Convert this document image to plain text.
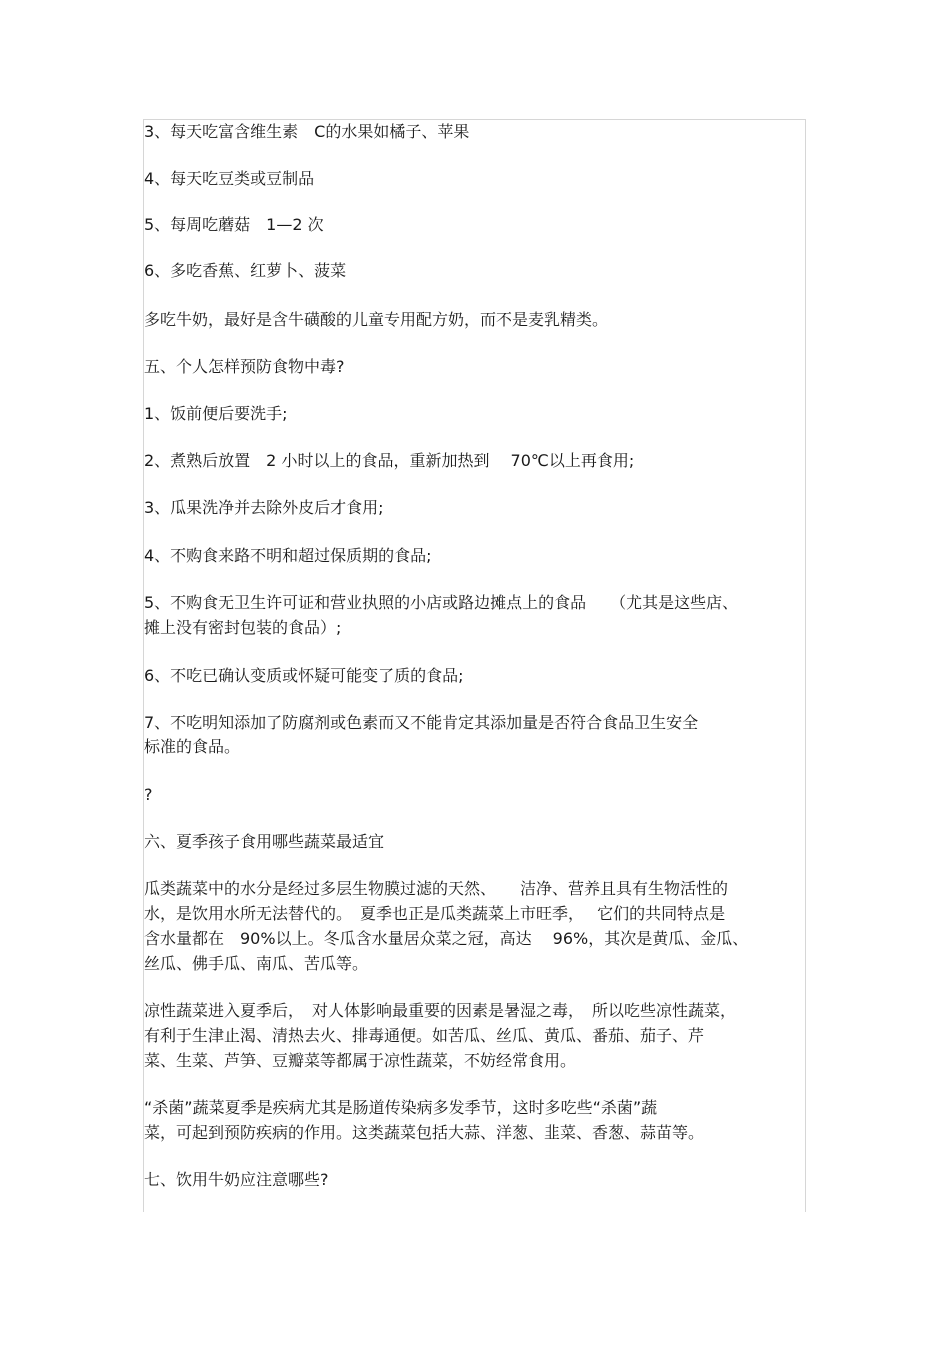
3、每天吃富含维生素　C的水果如橘子、苹果

4、每天吃豆类或豆制品

5、每周吃蘑菇　1—2 次

6、多吃香蕉、红萝卜、菠菜

多吃牛奶，最好是含牛磺酸的儿童专用配方奶，而不是麦乳精类。

五、个人怎样预防食物中毒?

1、饭前便后要洗手;

2、煮熟后放置　2 小时以上的食品，重新加热到　 70℃以上再食用;

3、瓜果洗净并去除外皮后才食用;

4、不购食来路不明和超过保质期的食品;

5、不购食无卫生许可证和营业执照的小店或路边摊点上的食品　　（尤其是这些店、

摊上没有密封包装的食品）;

6、不吃已确认变质或怀疑可能变了质的食品;

7、不吃明知添加了防腐剂或色素而又不能肯定其添加量是否符合食品卫生安全

标准的食品。

?

六、夏季孩子食用哪些蔬菜最适宜

瓜类蔬菜中的水分是经过多层生物膜过滤的天然、　　洁净、营养且具有生物活性的

水，是饮用水所无法替代的。　夏季也正是瓜类蔬菜上市旺季，　 它们的共同特点是

含水量都在　90%以上。冬瓜含水量居众菜之冠，高达　 96%，其次是黄瓜、金瓜、

丝瓜、佛手瓜、南瓜、苦瓜等。

凉性蔬菜进入夏季后，　对人体影响最重要的因素是暑湿之毒，　所以吃些凉性蔬菜，

有利于生津止渴、清热去火、排毒通便。如苦瓜、丝瓜、黄瓜、番茄、茄子、芹

菜、生菜、芦笋、豆瓣菜等都属于凉性蔬菜，不妨经常食用。

“杀菌”蔬菜夏季是疾病尤其是肠道传染病多发季节，这时多吃些“杀菌”蔬

菜，可起到预防疾病的作用。这类蔬菜包括大蒜、洋葱、韭菜、香葱、蒜苗等。

七、饮用牛奶应注意哪些?
